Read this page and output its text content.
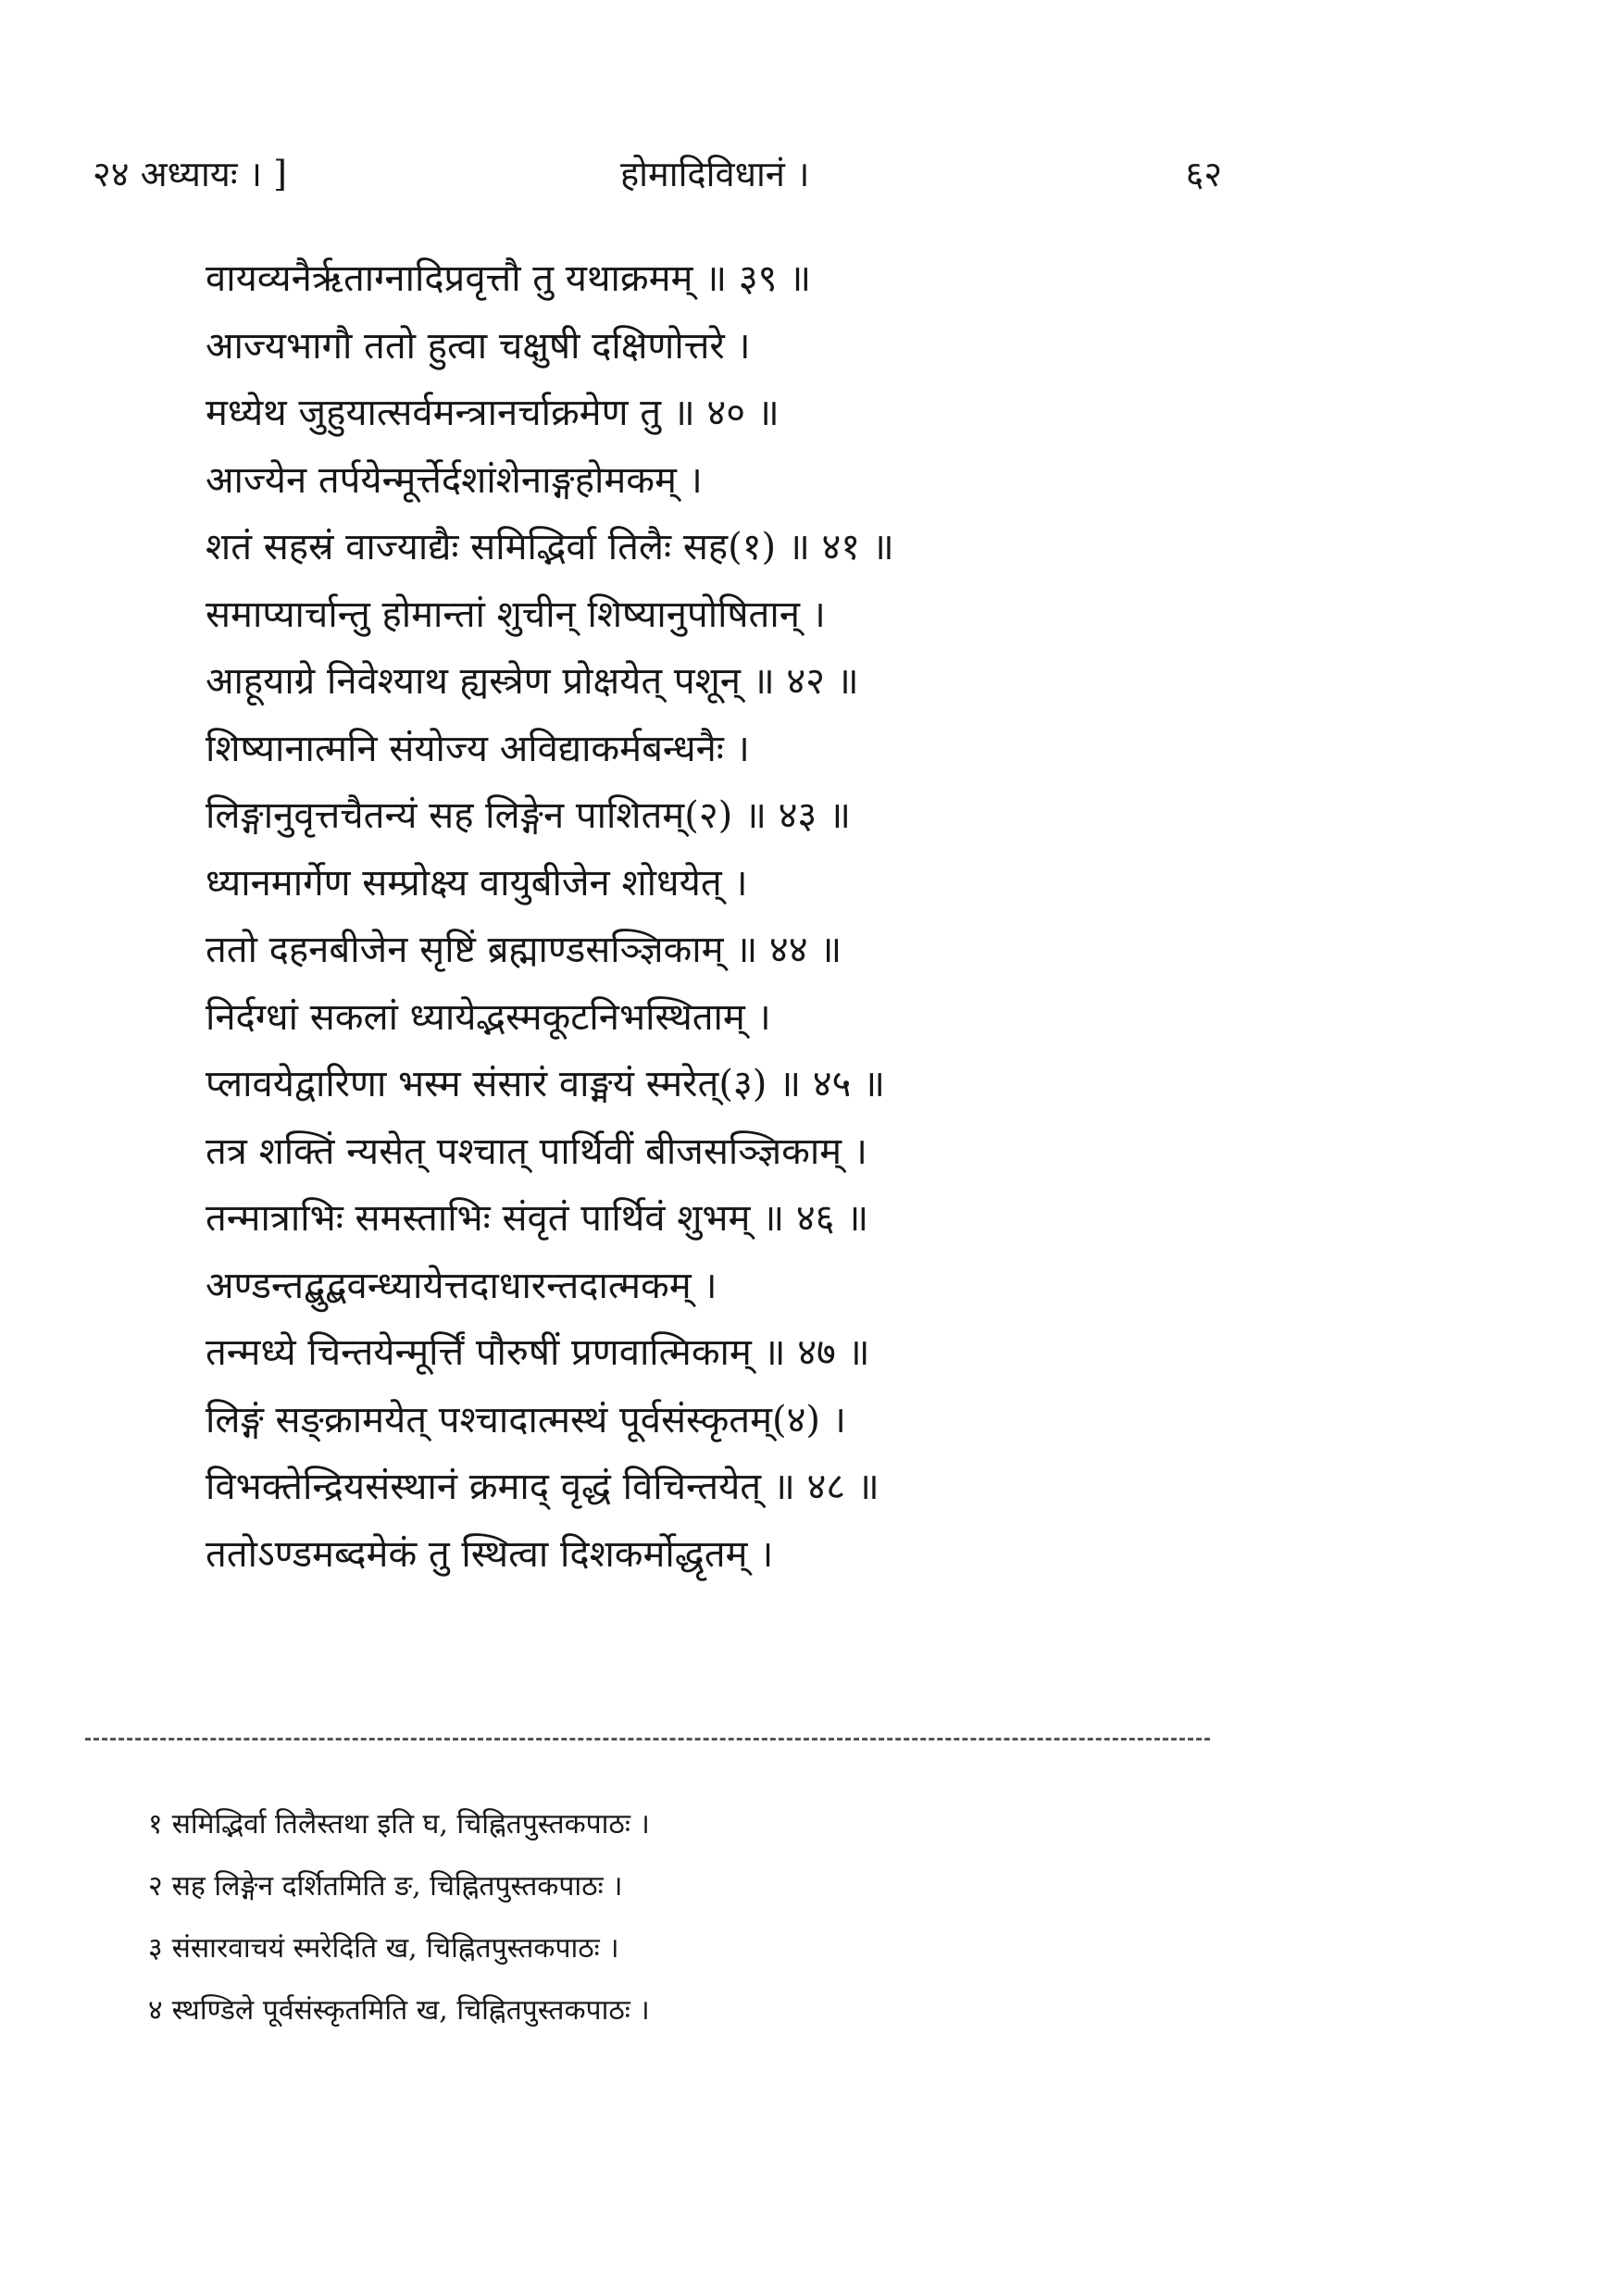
२४ अध्यायः । ]	होमादिविधानं ।	६२
वायव्यनैर्ऋताग्नादिप्रवृत्तौ तु यथाक्रमम् ॥ ३९ ॥
आज्यभागौ ततो हुत्वा चक्षुषी दक्षिणोत्तरे ।
मध्येथ जुहुयात्सर्वमन्त्रानर्चाक्रमेण तु ॥ ४० ॥
आज्येन तर्पयेन्मूर्त्तेर्दशांशेनाङ्गहोमकम् ।
शतं सहस्रं वाज्याद्यैः समिद्भिर्वा तिलैः सह(१) ॥ ४१ ॥
समाप्यार्चान्तु होमान्तां शुचीन् शिष्यानुपोषितान् ।
आहूयाग्रे निवेश्याथ ह्यस्त्रेण प्रोक्षयेत् पशून् ॥ ४२ ॥
शिष्यानात्मनि संयोज्य अविद्याकर्मबन्धनैः ।
लिङ्गानुवृत्तचैतन्यं सह लिङ्गेन पाशितम्(२) ॥ ४३ ॥
ध्यानमार्गेण सम्प्रोक्ष्य वायुबीजेन शोधयेत् ।
ततो दहनबीजेन सृष्टिं ब्रह्माण्डसञ्ज्ञिकाम् ॥ ४४ ॥
निर्दग्धां सकलां ध्यायेद्भस्मकूटनिभस्थिताम् ।
प्लावयेद्वारिणा भस्म संसारं वाङ्मयं स्मरेत्(३) ॥ ४५ ॥
तत्र शक्तिं न्यसेत् पश्चात् पार्थिवीं बीजसञ्ज्ञिकाम् ।
तन्मात्राभिः समस्ताभिः संवृतं पार्थिवं शुभम् ॥ ४६ ॥
अण्डन्तद्बुद्बवन्ध्यायेत्तदाधारन्तदात्मकम् ।
तन्मध्ये चिन्तयेन्मूर्त्तिं पौरुषीं प्रणवात्मिकाम् ॥ ४७ ॥
लिङ्गं सङ्क्रामयेत् पश्चादात्मस्थं पूर्वसंस्कृतम्(४) ।
विभक्तेन्द्रियसंस्थानं क्रमाद् वृद्धं विचिन्तयेत् ॥ ४८ ॥
ततोऽण्डमब्दमेकं तु स्थित्वा दिशकर्मोद्धृतम् ।
१ समिद्भिर्वा तिलैस्तथा इति घ, चिह्नितपुस्तकपाठः ।
२ सह लिङ्गेन दर्शितमिति ङ, चिह्नितपुस्तकपाठः ।
३ संसारवाचयं स्मरेदिति ख, चिह्नितपुस्तकपाठः ।
४ स्थण्डिले पूर्वसंस्कृतमिति ख, चिह्नितपुस्तकपाठः ।
